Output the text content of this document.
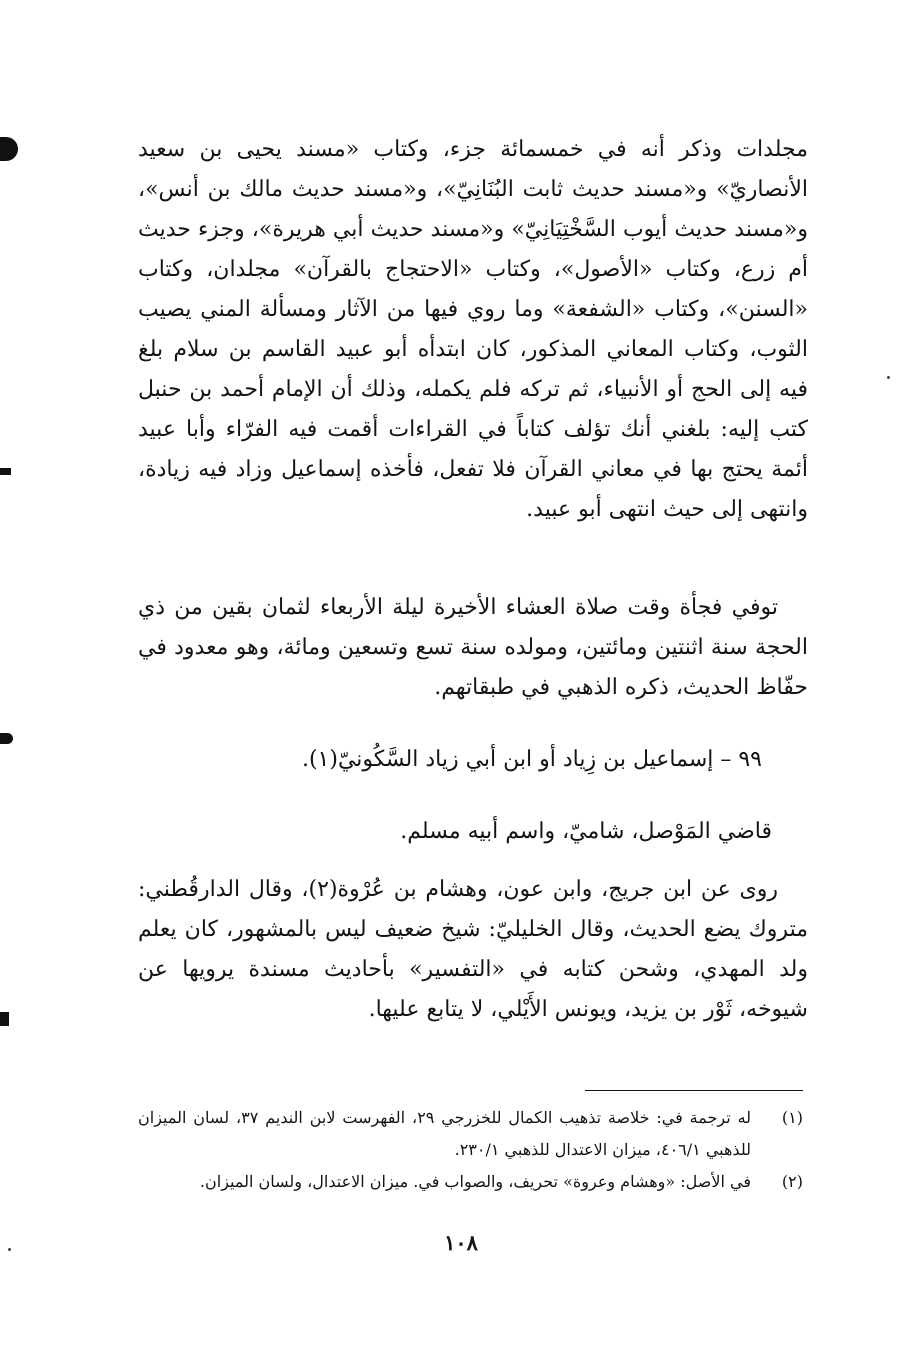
مجلدات وذكر أنه في خمسمائة جزء، وكتاب «مسند يحيى بن سعيد الأنصاريّ» و«مسند حديث ثابت البُنَانِيّ»، و«مسند حديث مالك بن أنس»، و«مسند حديث أيوب السَّخْتِيَانِيّ» و«مسند حديث أبي هريرة»، وجزء حديث أم زرع، وكتاب «الأصول»، وكتاب «الاحتجاج بالقرآن» مجلدان، وكتاب «السنن»، وكتاب «الشفعة» وما روي فيها من الآثار ومسألة المني يصيب الثوب، وكتاب المعاني المذكور، كان ابتدأه أبو عبيد القاسم بن سلام بلغ فيه إلى الحج أو الأنبياء، ثم تركه فلم يكمله، وذلك أن الإمام أحمد بن حنبل كتب إليه: بلغني أنك تؤلف كتاباً في القراءات أقمت فيه الفرّاء وأبا عبيد أئمة يحتج بها في معاني القرآن فلا تفعل، فأخذه إسماعيل وزاد فيه زيادة، وانتهى إلى حيث انتهى أبو عبيد.

توفي فجأة وقت صلاة العشاء الأخيرة ليلة الأربعاء لثمان بقين من ذي الحجة سنة اثنتين ومائتين، ومولده سنة تسع وتسعين ومائة، وهو معدود في حفّاظ الحديث، ذكره الذهبي في طبقاتهم.

٩٩ – إسماعيل بن زِياد أو ابن أبي زياد السَّكُونيّ(١).

قاضي المَوْصل، شاميّ، واسم أبيه مسلم.

روى عن ابن جريج، وابن عون، وهشام بن عُرْوة(٢)، وقال الدارقُطني: متروك يضع الحديث، وقال الخليليّ: شيخ ضعيف ليس بالمشهور، كان يعلم ولد المهدي، وشحن كتابه في «التفسير» بأحاديث مسندة يرويها عن شيوخه، ثَوْر بن يزيد، ويونس الأَيْلي، لا يتابع عليها.

(١)
له ترجمة في: خلاصة تذهيب الكمال للخزرجي ٢٩، الفهرست لابن النديم ٣٧، لسان الميزان للذهبي ٤٠٦/١، ميزان الاعتدال للذهبي ٢٣٠/١.
(٢)
في الأصل: «وهشام وعروة» تحريف، والصواب في. ميزان الاعتدال، ولسان الميزان.

١٠٨
